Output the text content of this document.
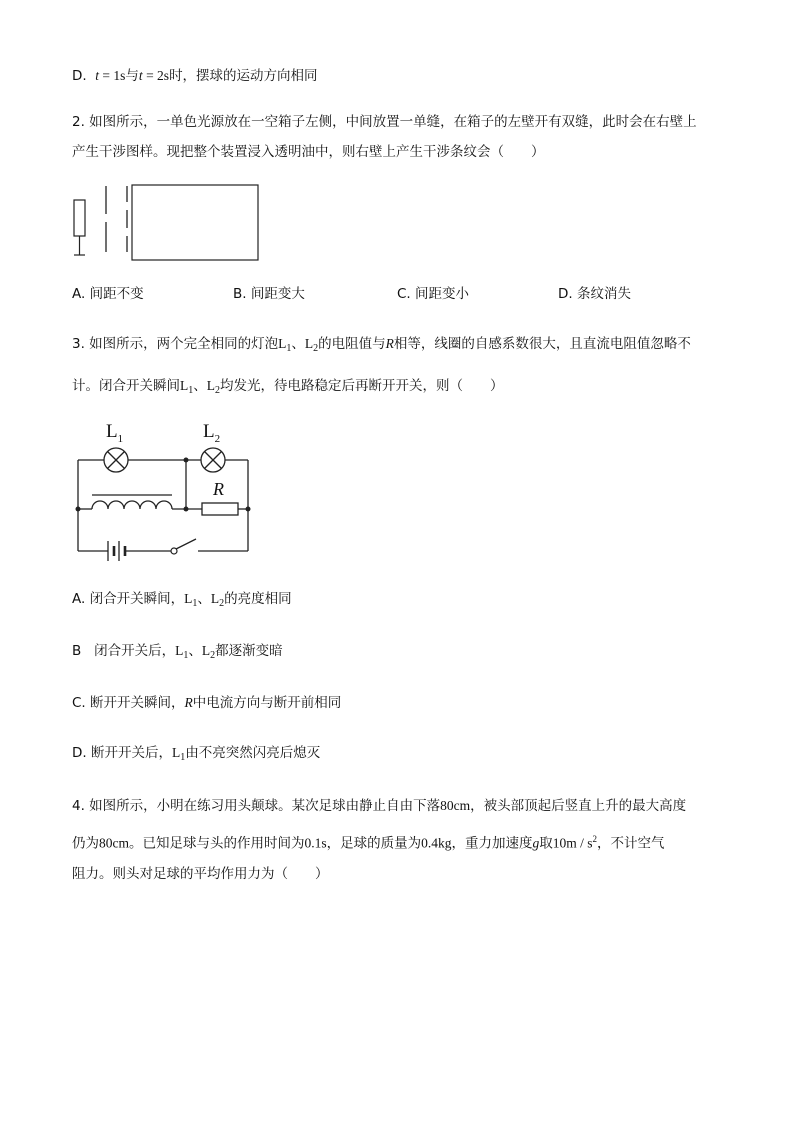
D. t = 1s与t = 2s时，摆球的运动方向相同
2. 如图所示，一单色光源放在一空箱子左侧，中间放置一单缝，在箱子的左壁开有双缝，此时会在右壁上
产生干涉图样。现把整个装置浸入透明油中，则右壁上产生干涉条纹会（　　）
A. 间距不变	B. 间距变大	C. 间距变小	D. 条纹消失
3. 如图所示，两个完全相同的灯泡$L_1$、$L_2$的电阻值与R相等，线圈的自感系数很大，且直流电阻值忽略不
计。闭合开关瞬间$L_1$、$L_2$均发光，待电路稳定后再断开开关，则（　　）
$L_1$	$L_2$
R
A. 闭合开关瞬间，$L_1$、$L_2$的亮度相同
B 闭合开关后，$L_1$、$L_2$都逐渐变暗
C. 断开开关瞬间，R中电流方向与断开前相同
D. 断开开关后，$L_1$由不亮突然闪亮后熄灭
4. 如图所示，小明在练习用头颠球。某次足球由静止自由下落80cm，被头部顶起后竖直上升的最大高度
仍为80cm。已知足球与头的作用时间为0.1s，足球的质量为0.4kg，重力加速度g取$10m / s^2$，不计空气
阻力。则头对足球的平均作用力为（　　）
